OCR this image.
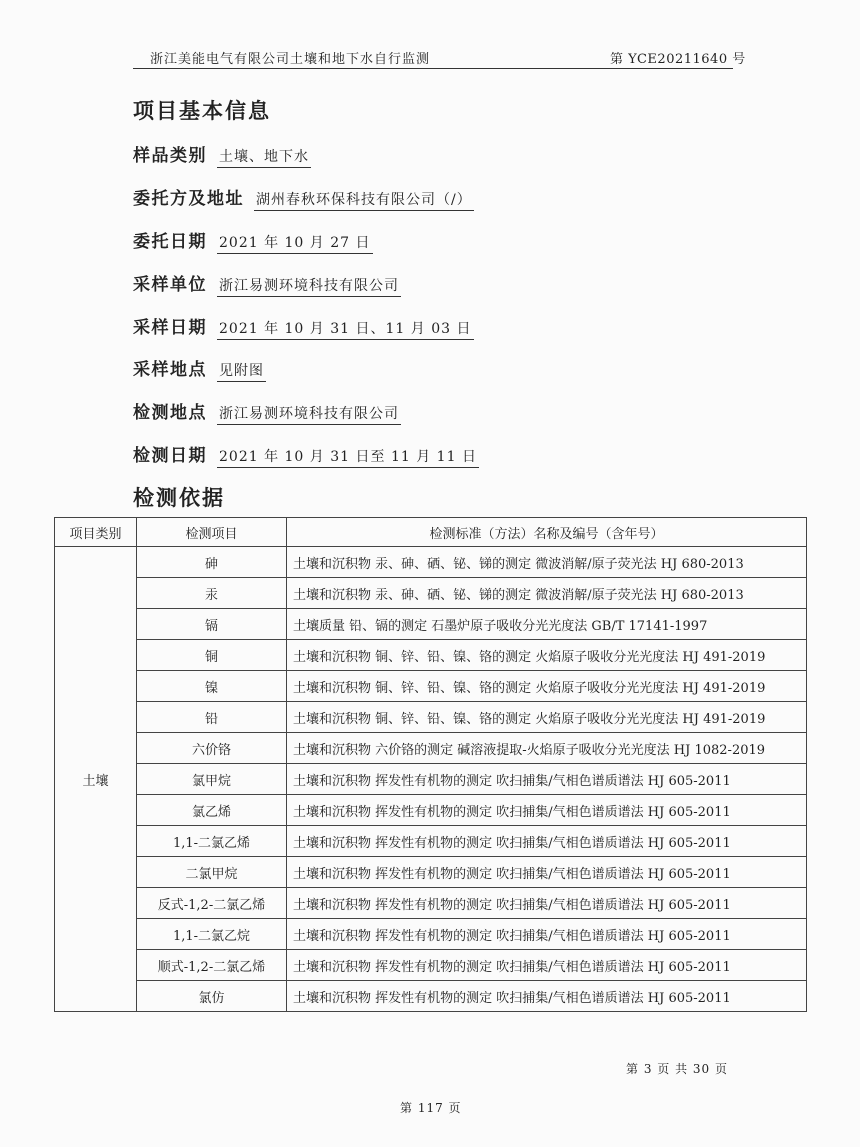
浙江美能电气有限公司土壤和地下水自行监测	第 YCE20211640 号
项目基本信息
样品类别 土壤、地下水
委托方及地址 湖州春秋环保科技有限公司（/）
委托日期 2021 年 10 月 27 日
采样单位 浙江易测环境科技有限公司
采样日期 2021 年 10 月 31 日、11 月 03 日
采样地点 见附图
检测地点 浙江易测环境科技有限公司
检测日期 2021 年 10 月 31 日至 11 月 11 日
检测依据
项目类别	检测项目	检测标准（方法）名称及编号（含年号）
土壤	砷	土壤和沉积物 汞、砷、硒、铋、锑的测定 微波消解/原子荧光法 HJ 680-2013
	汞	土壤和沉积物 汞、砷、硒、铋、锑的测定 微波消解/原子荧光法 HJ 680-2013
	镉	土壤质量 铅、镉的测定 石墨炉原子吸收分光光度法 GB/T 17141-1997
	铜	土壤和沉积物 铜、锌、铅、镍、铬的测定 火焰原子吸收分光光度法 HJ 491-2019
	镍	土壤和沉积物 铜、锌、铅、镍、铬的测定 火焰原子吸收分光光度法 HJ 491-2019
	铅	土壤和沉积物 铜、锌、铅、镍、铬的测定 火焰原子吸收分光光度法 HJ 491-2019
	六价铬	土壤和沉积物 六价铬的测定 碱溶液提取-火焰原子吸收分光光度法 HJ 1082-2019
	氯甲烷	土壤和沉积物 挥发性有机物的测定 吹扫捕集/气相色谱质谱法 HJ 605-2011
	氯乙烯	土壤和沉积物 挥发性有机物的测定 吹扫捕集/气相色谱质谱法 HJ 605-2011
	1,1-二氯乙烯	土壤和沉积物 挥发性有机物的测定 吹扫捕集/气相色谱质谱法 HJ 605-2011
	二氯甲烷	土壤和沉积物 挥发性有机物的测定 吹扫捕集/气相色谱质谱法 HJ 605-2011
	反式-1,2-二氯乙烯	土壤和沉积物 挥发性有机物的测定 吹扫捕集/气相色谱质谱法 HJ 605-2011
	1,1-二氯乙烷	土壤和沉积物 挥发性有机物的测定 吹扫捕集/气相色谱质谱法 HJ 605-2011
	顺式-1,2-二氯乙烯	土壤和沉积物 挥发性有机物的测定 吹扫捕集/气相色谱质谱法 HJ 605-2011
	氯仿	土壤和沉积物 挥发性有机物的测定 吹扫捕集/气相色谱质谱法 HJ 605-2011
第 3 页 共 30 页
第 117 页
